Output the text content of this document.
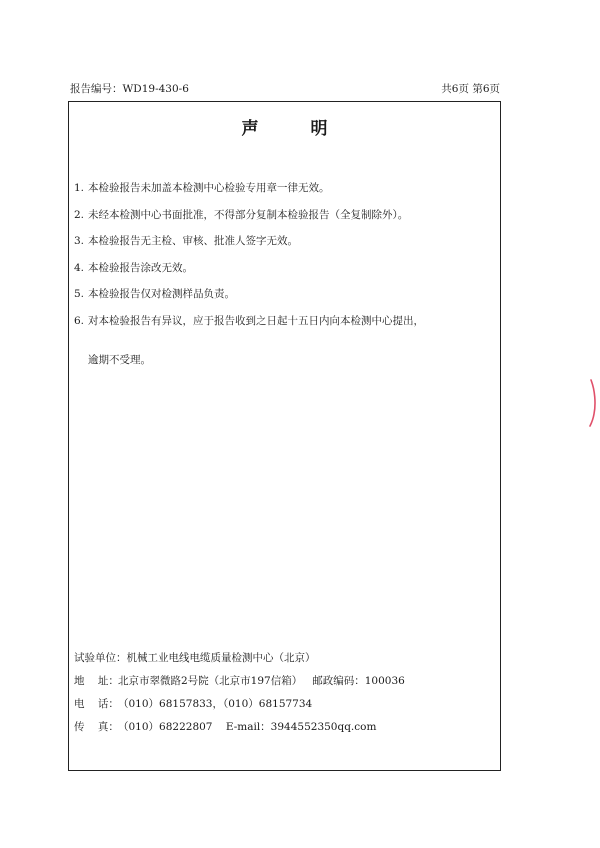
报告编号：WD19-430-6	共6页 第6页
声明
1. 本检验报告未加盖本检测中心检验专用章一律无效。
2. 未经本检测中心书面批准，不得部分复制本检验报告（全复制除外）。
3. 本检验报告无主检、审核、批准人签字无效。
4. 本检验报告涂改无效。
5. 本检验报告仅对检测样品负责。
6. 对本检验报告有异议，应于报告收到之日起十五日内向本检测中心提出，
逾期不受理。
试验单位：机械工业电线电缆质量检测中心（北京）
地    址：北京市翠微路2号院（北京市197信箱）   邮政编码：100036
电    话：（010）68157833，（010）68157734
传    真：（010）68222807    E-mail：3944552350qq.com
